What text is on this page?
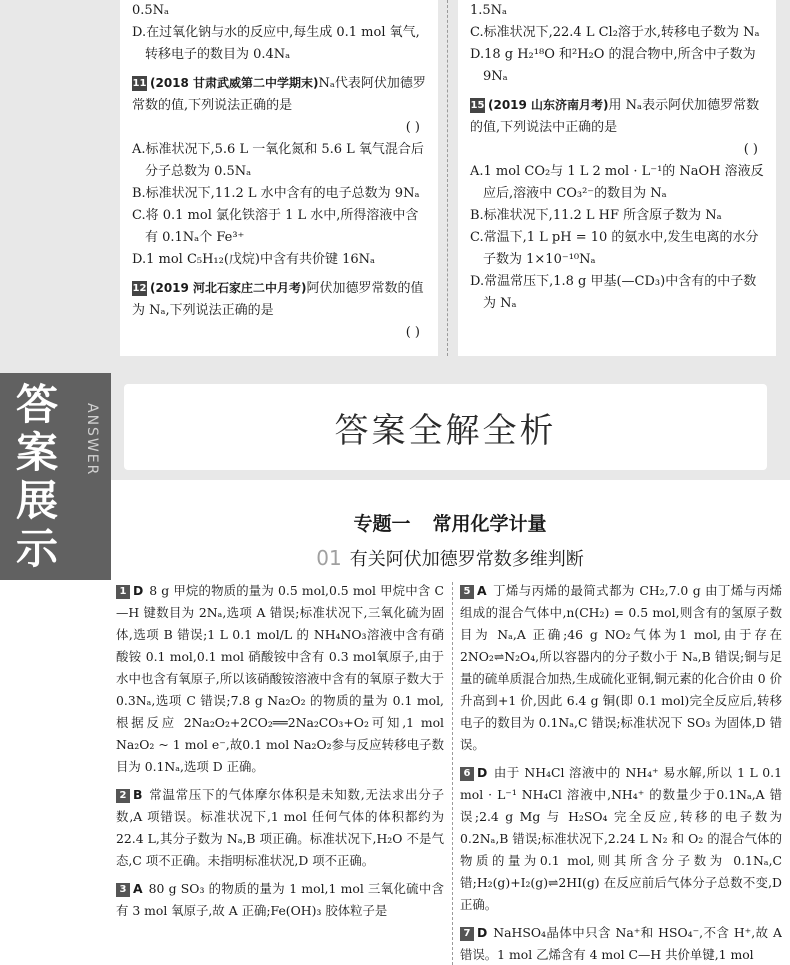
0.5Nₐ
D.在过氧化钠与水的反应中,每生成 0.1 mol 氧气,转移电子的数目为 0.4Nₐ
11 (2018 甘肃武威第二中学期末)Nₐ代表阿伏加德罗常数的值,下列说法正确的是
( )

A.标准状况下,5.6 L 一氧化氮和 5.6 L 氧气混合后分子总数为 0.5Nₐ
B.标准状况下,11.2 L 水中含有的电子总数为 9Nₐ
C.将 0.1 mol 氯化铁溶于 1 L 水中,所得溶液中含有 0.1Nₐ个 Fe³⁺
D.1 mol C₅H₁₂(戊烷)中含有共价键 16Nₐ
12 (2019 河北石家庄二中月考)阿伏加德罗常数的值为 Nₐ,下列说法正确的是
( )

1.5Nₐ
C.标准状况下,22.4 L Cl₂溶于水,转移电子数为 Nₐ
D.18 g H₂¹⁸O 和²H₂O 的混合物中,所含中子数为 9Nₐ
15 (2019 山东济南月考)用 Nₐ表示阿伏加德罗常数的值,下列说法中正确的是
( )

A.1 mol CO₂与 1 L 2 mol · L⁻¹的 NaOH 溶液反应后,溶液中 CO₃²⁻的数目为 Nₐ
B.标准状况下,11.2 L HF 所含原子数为 Nₐ
C.常温下,1 L pH = 10 的氨水中,发生电离的水分子数为 1×10⁻¹⁰Nₐ
D.常温常压下,1.8 g 甲基(—CD₃)中含有的中子数为 Nₐ
答
案
展
示
ANSWER	答案全解全析
专题一 常用化学计量
01 有关阿伏加德罗常数多维判断

1 D 8 g 甲烷的物质的量为 0.5 mol,0.5 mol 甲烷中含 C—H 键数目为 2Nₐ,选项 A 错误;标准状况下,三氧化硫为固体,选项 B 错误;1 L 0.1 mol/L 的 NH₄NO₃溶液中含有硝酸铵 0.1 mol,0.1 mol 硝酸铵中含有 0.3 mol氧原子,由于水中也含有氧原子,所以该硝酸铵溶液中含有的氧原子数大于 0.3Nₐ,选项 C 错误;7.8 g Na₂O₂ 的物质的量为 0.1 mol,根据反应 2Na₂O₂+2CO₂══2Na₂CO₃+O₂可知,1 mol Na₂O₂ ~ 1 mol e⁻,故0.1 mol Na₂O₂参与反应转移电子数目为 0.1Nₐ,选项 D 正确。

2 B 常温常压下的气体摩尔体积是未知数,无法求出分子数,A 项错误。标准状况下,1 mol 任何气体的体积都约为 22.4 L,其分子数为 Nₐ,B 项正确。标准状况下,H₂O 不是气态,C 项不正确。未指明标准状况,D 项不正确。

3 A 80 g SO₃ 的物质的量为 1 mol,1 mol 三氧化硫中含有 3 mol 氧原子,故 A 正确;Fe(OH)₃ 胶体粒子是

5 A 丁烯与丙烯的最简式都为 CH₂,7.0 g 由丁烯与丙烯组成的混合气体中,n(CH₂) = 0.5 mol,则含有的氢原子数目为 Nₐ,A 正确;46 g NO₂气体为1 mol,由于存在 2NO₂⇌N₂O₄,所以容器内的分子数小于 Nₐ,B 错误;铜与足量的硫单质混合加热,生成硫化亚铜,铜元素的化合价由 0 价升高到+1 价,因此 6.4 g 铜(即 0.1 mol)完全反应后,转移电子的数目为 0.1Nₐ,C 错误;标准状况下 SO₃ 为固体,D 错误。

6 D 由于 NH₄Cl 溶液中的 NH₄⁺ 易水解,所以 1 L 0.1 mol · L⁻¹ NH₄Cl 溶液中,NH₄⁺ 的数量少于0.1Nₐ,A 错误;2.4 g Mg 与 H₂SO₄ 完全反应,转移的电子数为 0.2Nₐ,B 错误;标准状况下,2.24 L N₂ 和 O₂ 的混合气体的物质的量为0.1 mol,则其所含分子数为 0.1Nₐ,C 错;H₂(g)+I₂(g)⇌2HI(g) 在反应前后气体分子总数不变,D 正确。

7 D NaHSO₄晶体中只含 Na⁺和 HSO₄⁻,不含 H⁺,故 A 错误。1 mol 乙烯含有 4 mol C—H 共价单键,1 mol
